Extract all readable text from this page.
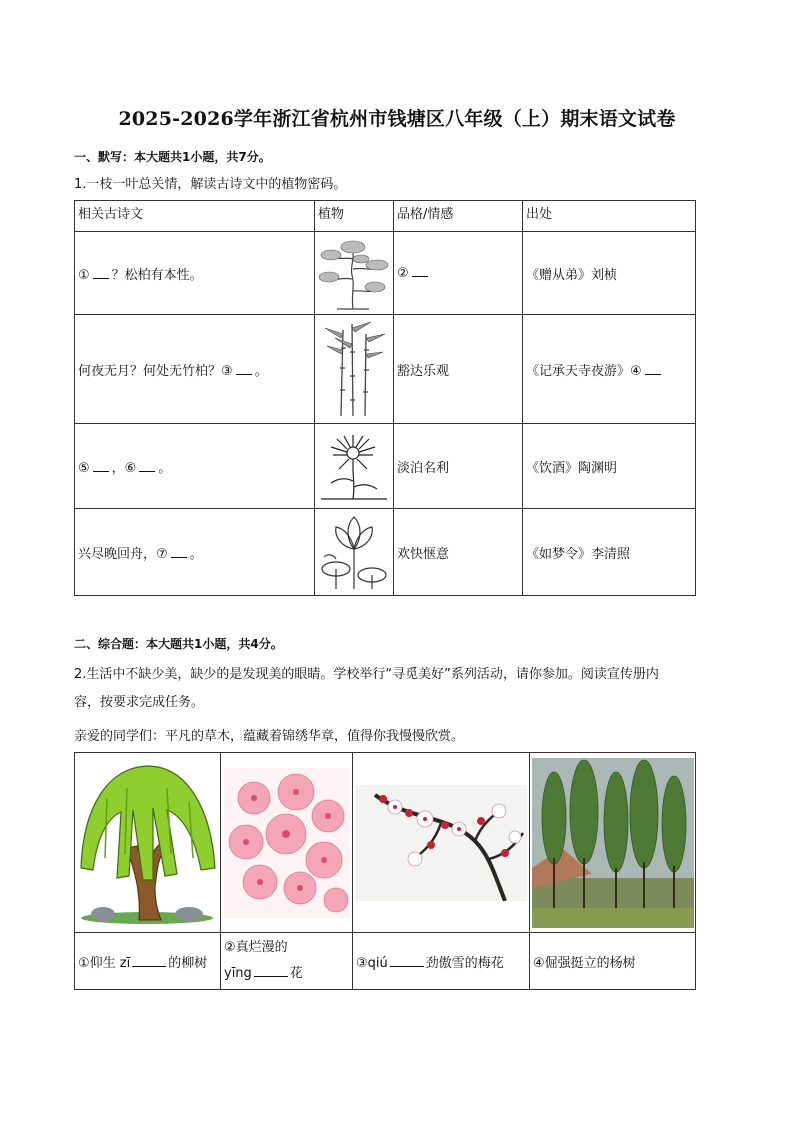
2025-2026学年浙江省杭州市钱塘区八年级（上）期末语文试卷
一、默写：本大题共1小题，共7分。
1.一枝一叶总关情，解读古诗文中的植物密码。
相关古诗文	植物	品格/情感	出处
① ？松柏有本性。		②	《赠从弟》刘桢
何夜无月？何处无竹柏？③ 。		豁达乐观	《记承天寺夜游》④
⑤ ，⑥ 。		淡泊名利	《饮酒》陶渊明
兴尽晚回舟，⑦ 。		欢快惬意	《如梦令》李清照
二、综合题：本大题共1小题，共4分。
2.生活中不缺少美，缺少的是发现美的眼睛。学校举行“寻觅美好”系列活动，请你参加。阅读宣传册内
容，按要求完成任务。
亲爱的同学们：平凡的草木，蕴藏着锦绣华章，值得你我慢慢欣赏。

①仰生 zī 的柳树	②真烂漫的
yīng 花	③qiú 劲傲雪的梅花	④倔强挺立的杨树
